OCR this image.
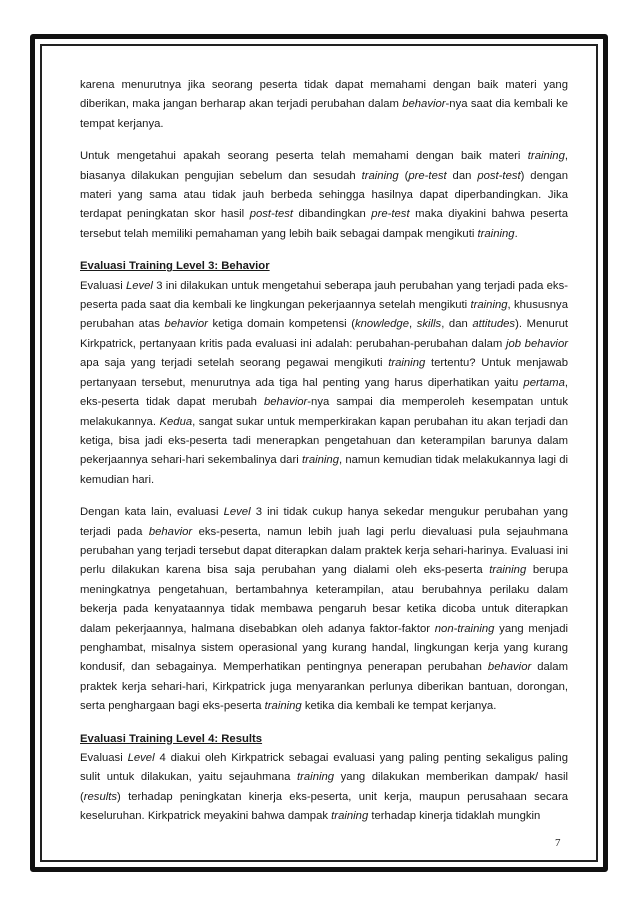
karena menurutnya jika seorang peserta tidak dapat memahami dengan baik materi yang diberikan, maka jangan berharap akan terjadi perubahan dalam behavior-nya saat dia kembali ke tempat kerjanya.

Untuk mengetahui apakah seorang peserta telah memahami dengan baik materi training, biasanya dilakukan pengujian sebelum dan sesudah training (pre-test dan post-test) dengan materi yang sama atau tidak jauh berbeda sehingga hasilnya dapat diperbandingkan. Jika terdapat peningkatan skor hasil post-test dibandingkan pre-test maka diyakini bahwa peserta tersebut telah memiliki pemahaman yang lebih baik sebagai dampak mengikuti training.

Evaluasi Training Level 3: Behavior

Evaluasi Level 3 ini dilakukan untuk mengetahui seberapa jauh perubahan yang terjadi pada eks-peserta pada saat dia kembali ke lingkungan pekerjaannya setelah mengikuti training, khususnya perubahan atas behavior ketiga domain kompetensi (knowledge, skills, dan attitudes). Menurut Kirkpatrick, pertanyaan kritis pada evaluasi ini adalah: perubahan-perubahan dalam job behavior apa saja yang terjadi setelah seorang pegawai mengikuti training tertentu? Untuk menjawab pertanyaan tersebut, menurutnya ada tiga hal penting yang harus diperhatikan yaitu pertama, eks-peserta tidak dapat merubah behavior-nya sampai dia memperoleh kesempatan untuk melakukannya. Kedua, sangat sukar untuk memperkirakan kapan perubahan itu akan terjadi dan ketiga, bisa jadi eks-peserta tadi menerapkan pengetahuan dan keterampilan barunya dalam pekerjaannya sehari-hari sekembalinya dari training, namun kemudian tidak melakukannya lagi di kemudian hari.

Dengan kata lain, evaluasi Level 3 ini tidak cukup hanya sekedar mengukur perubahan yang terjadi pada behavior eks-peserta, namun lebih juah lagi perlu dievaluasi pula sejauhmana perubahan yang terjadi tersebut dapat diterapkan dalam praktek kerja sehari-harinya. Evaluasi ini perlu dilakukan karena bisa saja perubahan yang dialami oleh eks-peserta training berupa meningkatnya pengetahuan, bertambahnya keterampilan, atau berubahnya perilaku dalam bekerja pada kenyataannya tidak membawa pengaruh besar ketika dicoba untuk diterapkan dalam pekerjaannya, halmana disebabkan oleh adanya faktor-faktor non-training yang menjadi penghambat, misalnya sistem operasional yang kurang handal, lingkungan kerja yang kurang kondusif, dan sebagainya. Memperhatikan pentingnya penerapan perubahan behavior dalam praktek kerja sehari-hari, Kirkpatrick juga menyarankan perlunya diberikan bantuan, dorongan, serta penghargaan bagi eks-peserta training ketika dia kembali ke tempat kerjanya.

Evaluasi Training Level 4: Results

Evaluasi Level 4 diakui oleh Kirkpatrick sebagai evaluasi yang paling penting sekaligus paling sulit untuk dilakukan, yaitu sejauhmana training yang dilakukan memberikan dampak/ hasil (results) terhadap peningkatan kinerja eks-peserta, unit kerja, maupun perusahaan secara keseluruhan. Kirkpatrick meyakini bahwa dampak training terhadap kinerja tidaklah mungkin

7
